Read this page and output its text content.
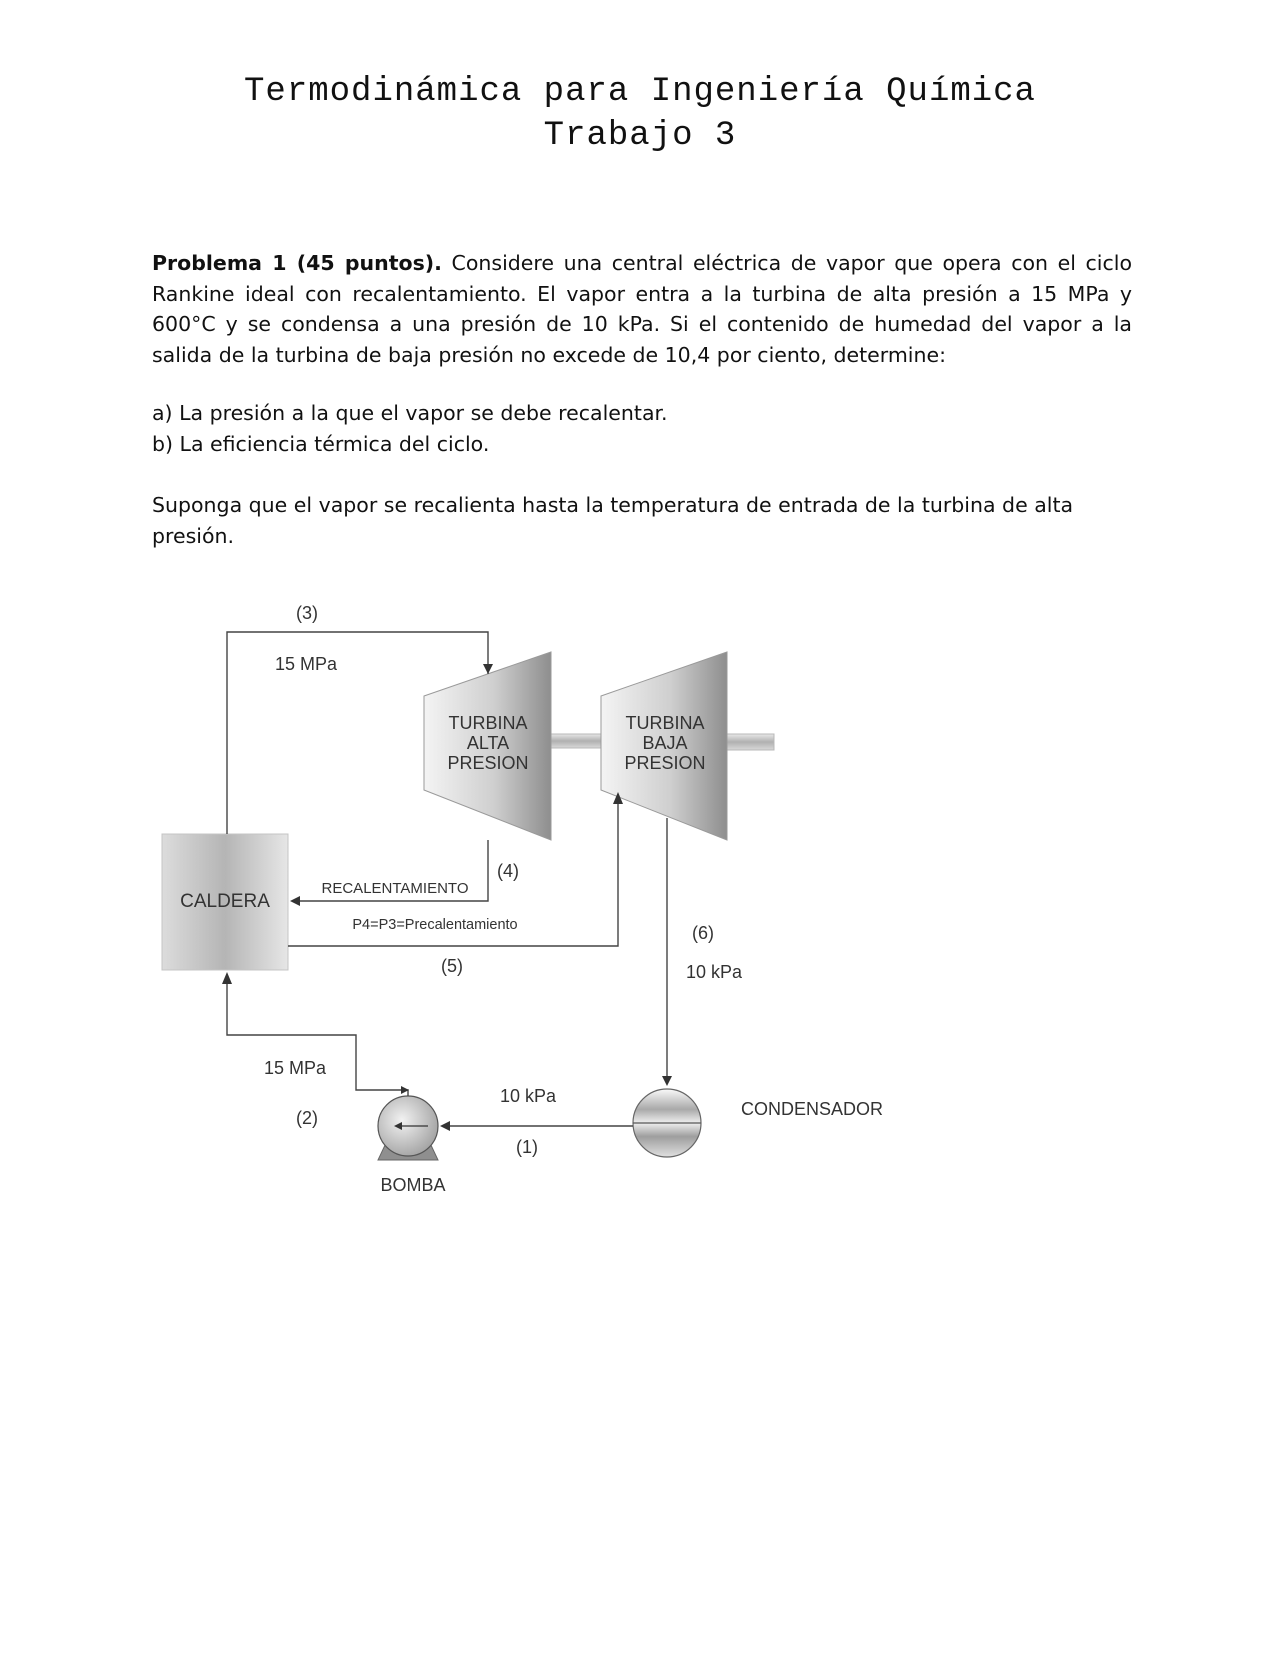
Termodinámica para Ingeniería Química
Trabajo 3

Problema 1 (45 puntos). Considere una central eléctrica de vapor que opera con el ciclo Rankine ideal con recalentamiento. El vapor entra a la turbina de alta presión a 15 MPa y 600°C y se condensa a una presión de 10 kPa. Si el contenido de humedad del vapor a la salida de la turbina de baja presión no excede de 10,4 por ciento, determine:

a) La presión a la que el vapor se debe recalentar.

b) La eficiencia térmica del ciclo.

Suponga que el vapor se recalienta hasta la temperatura de entrada de la turbina de alta presión.

TURBINA
ALTA
PRESION
TURBINA
BAJA
PRESION
CALDERA
(3)
15 MPa
(4)
RECALENTAMIENTO
P4=P3=Precalentamiento
(5)
(6)
10 kPa
CONDENSADOR
10 kPa
(1)
BOMBA
15 MPa
(2)
